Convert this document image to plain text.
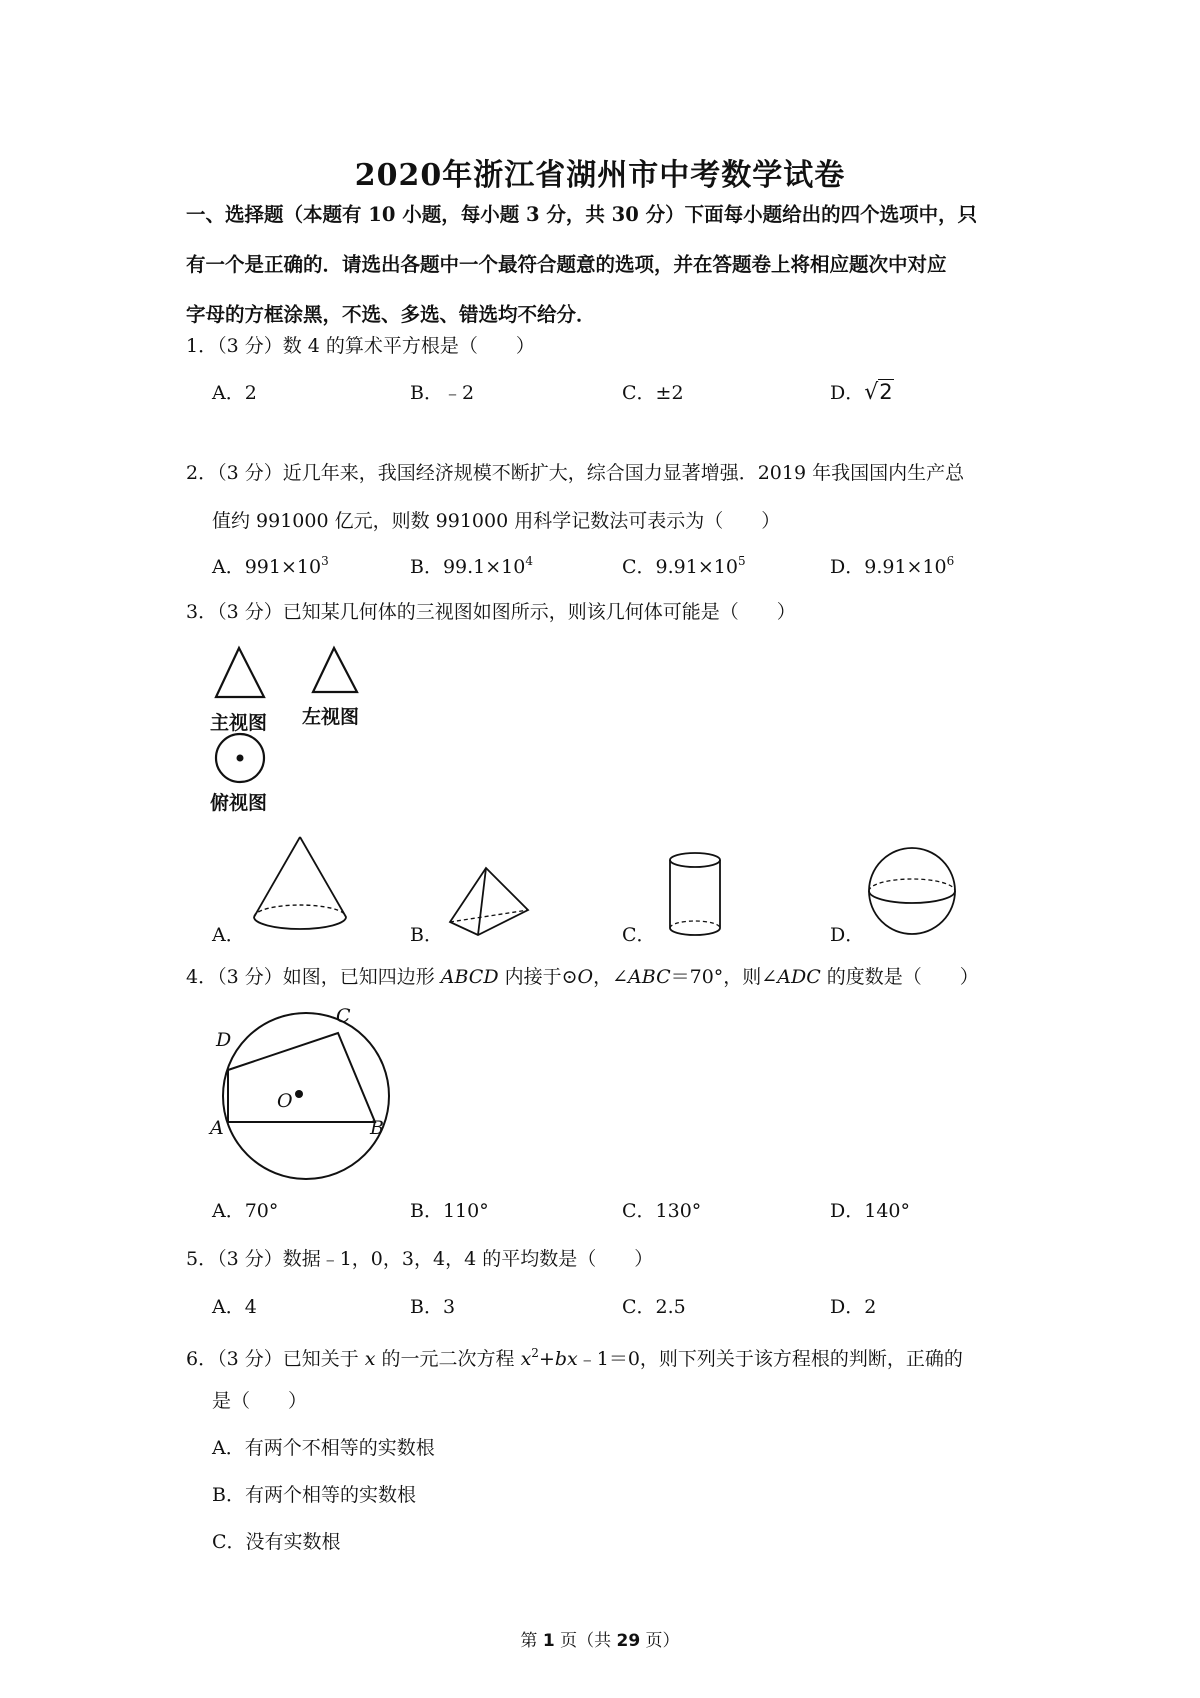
2020年浙江省湖州市中考数学试卷
一、选择题（本题有 10 小题，每小题 3 分，共 30 分）下面每小题给出的四个选项中，只
有一个是正确的．请选出各题中一个最符合题意的选项，并在答题卷上将相应题次中对应
字母的方框涂黑，不选、多选、错选均不给分．
1．（3 分）数 4 的算术平方根是（　　）
A．2	B．﹣2	C．±2	D．√2
2．（3 分）近几年来，我国经济规模不断扩大，综合国力显著增强．2019 年我国国内生产总
值约 991000 亿元，则数 991000 用科学记数法可表示为（　　）
A．$991\times 10^3$	B．$99.1\times 10^4$	C．$9.91\times 10^5$	D．$9.91\times 10^6$
3．（3 分）已知某几何体的三视图如图所示，则该几何体可能是（　　）
主视图 左视图
俯视图
A．	B．	C．	D．
4．（3 分）如图，已知四边形 ABCD 内接于⊙O，∠ABC＝70°，则∠ADC 的度数是（　　）
D
C
O
A	B
A．70°	B．110°	C．130°	D．140°
5．（3 分）数据﹣1，0，3，4，4 的平均数是（　　）
A．4	B．3	C．2.5	D．2
6．（3 分）已知关于 x 的一元二次方程 $x^2+bx﹣1=0$，则下列关于该方程根的判断，正确的
是（　　）
A．有两个不相等的实数根
B．有两个相等的实数根
C．没有实数根
第 1 页（共 29 页）
